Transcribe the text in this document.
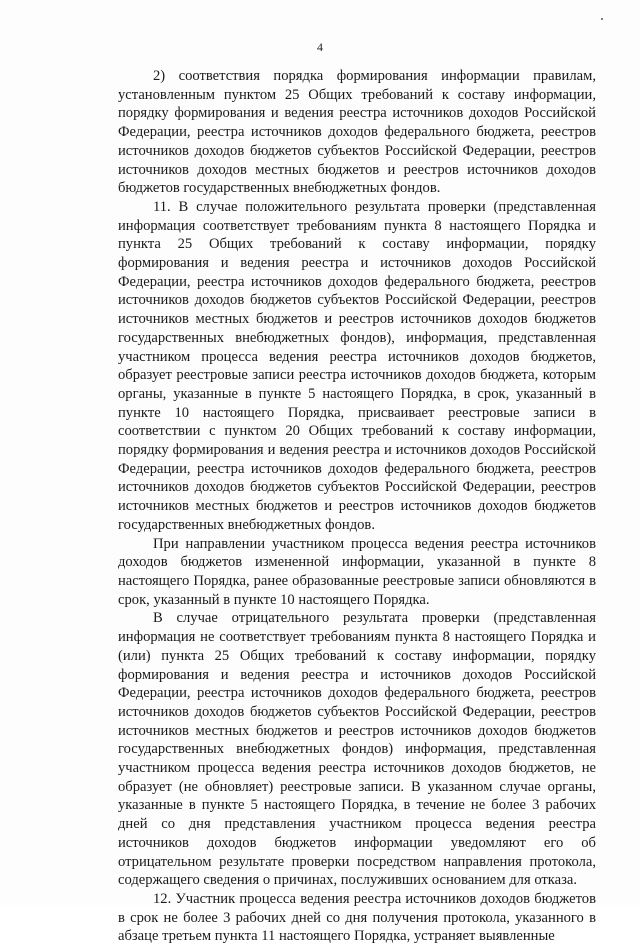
4

2) соответствия порядка формирования информации правилам, установленным пунктом 25 Общих требований к составу информации, порядку формирования и ведения реестра источников доходов Российской Федерации, реестра источников доходов федерального бюджета, реестров источников доходов бюджетов субъектов Российской Федерации, реестров источников доходов местных бюджетов и реестров источников доходов бюджетов государственных внебюджетных фондов.

11. В случае положительного результата проверки (представленная информация соответствует требованиям пункта 8 настоящего Порядка и пункта 25 Общих требований к составу информации, порядку формирования и ведения реестра и источников доходов Российской Федерации, реестра источников доходов федерального бюджета, реестров источников доходов бюджетов субъектов Российской Федерации, реестров источников местных бюджетов и реестров источников доходов бюджетов государственных внебюджетных фондов), информация, представленная участником процесса ведения реестра источников доходов бюджетов, образует реестровые записи реестра источников доходов бюджета, которым органы, указанные в пункте 5 настоящего Порядка, в срок, указанный в пункте 10 настоящего Порядка, присваивает реестровые записи в соответствии с пунктом 20 Общих требований к составу информации, порядку формирования и ведения реестра и источников доходов Российской Федерации, реестра источников доходов федерального бюджета, реестров источников доходов бюджетов субъектов Российской Федерации, реестров источников местных бюджетов и реестров источников доходов бюджетов государственных внебюджетных фондов.

При направлении участником процесса ведения реестра источников доходов бюджетов измененной информации, указанной в пункте 8 настоящего Порядка, ранее образованные реестровые записи обновляются в срок, указанный в пункте 10 настоящего Порядка.

В случае отрицательного результата проверки (представленная информация не соответствует требованиям пункта 8 настоящего Порядка и (или) пункта 25 Общих требований к составу информации, порядку формирования и ведения реестра и источников доходов Российской Федерации, реестра источников доходов федерального бюджета, реестров источников доходов бюджетов субъектов Российской Федерации, реестров источников местных бюджетов и реестров источников доходов бюджетов государственных внебюджетных фондов) информация, представленная участником процесса ведения реестра источников доходов бюджетов, не образует (не обновляет) реестровые записи. В указанном случае органы, указанные в пункте 5 настоящего Порядка, в течение не более 3 рабочих дней со дня представления участником процесса ведения реестра источников доходов бюджетов информации уведомляют его об отрицательном результате проверки посредством направления протокола, содержащего сведения о причинах, послуживших основанием для отказа.

12. Участник процесса ведения реестра источников доходов бюджетов в срок не более 3 рабочих дней со дня получения протокола, указанного в абзаце третьем пункта 11 настоящего Порядка, устраняет выявленные
